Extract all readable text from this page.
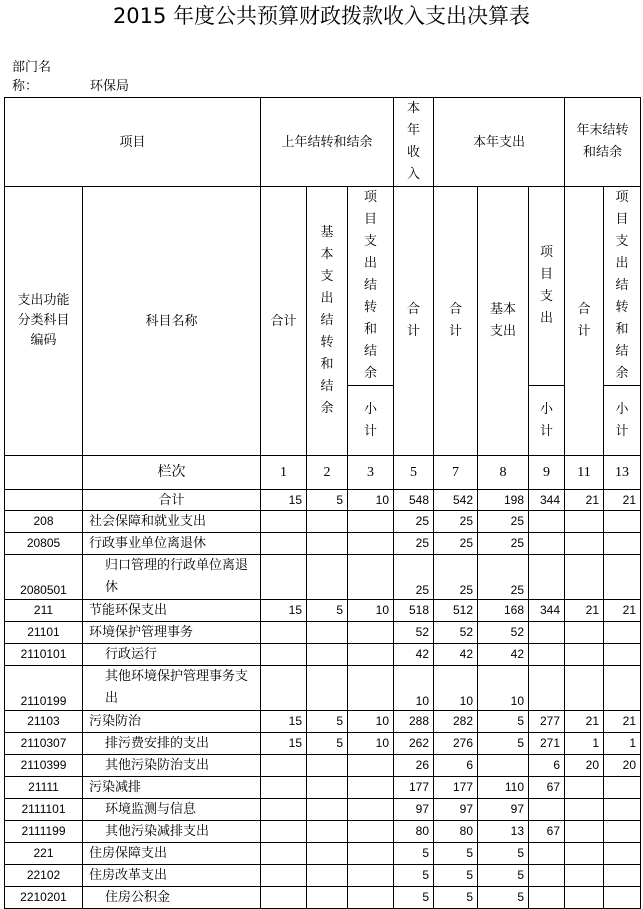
2015 年度公共预算财政拨款收入支出决算表
部门名
称：	环保局
项目		上年结转和结余			本年收入	本年支出			年末结转和结余	
支出功能分类科目编码	科目名称	合计	基本支出结转和结余	项目支出结转和结余	合计	合计	基本支出	项目支出	合计	项目支出结转和结余
				小计				小计		小计
	栏次	1	2	3	5	7	8	9	11	13
	合计	15	5	10	548	542	198	344	21	21
208	社会保障和就业支出				25	25	25			
20805	行政事业单位离退休				25	25	25			
2080501	归口管理的行政单位离退休				25	25	25			
211	节能环保支出	15	5	10	518	512	168	344	21	21
21101	环境保护管理事务				52	52	52			
2110101	行政运行				42	42	42			
2110199	其他环境保护管理事务支出				10	10	10			
21103	污染防治	15	5	10	288	282	5	277	21	21
2110307	排污费安排的支出	15	5	10	262	276	5	271	1	1
2110399	其他污染防治支出				26	6		6	20	20
21111	污染减排				177	177	110	67		
2111101	环境监测与信息				97	97	97			
2111199	其他污染减排支出				80	80	13	67		
221	住房保障支出				5	5	5			
22102	住房改革支出				5	5	5			
2210201	住房公积金				5	5	5			
